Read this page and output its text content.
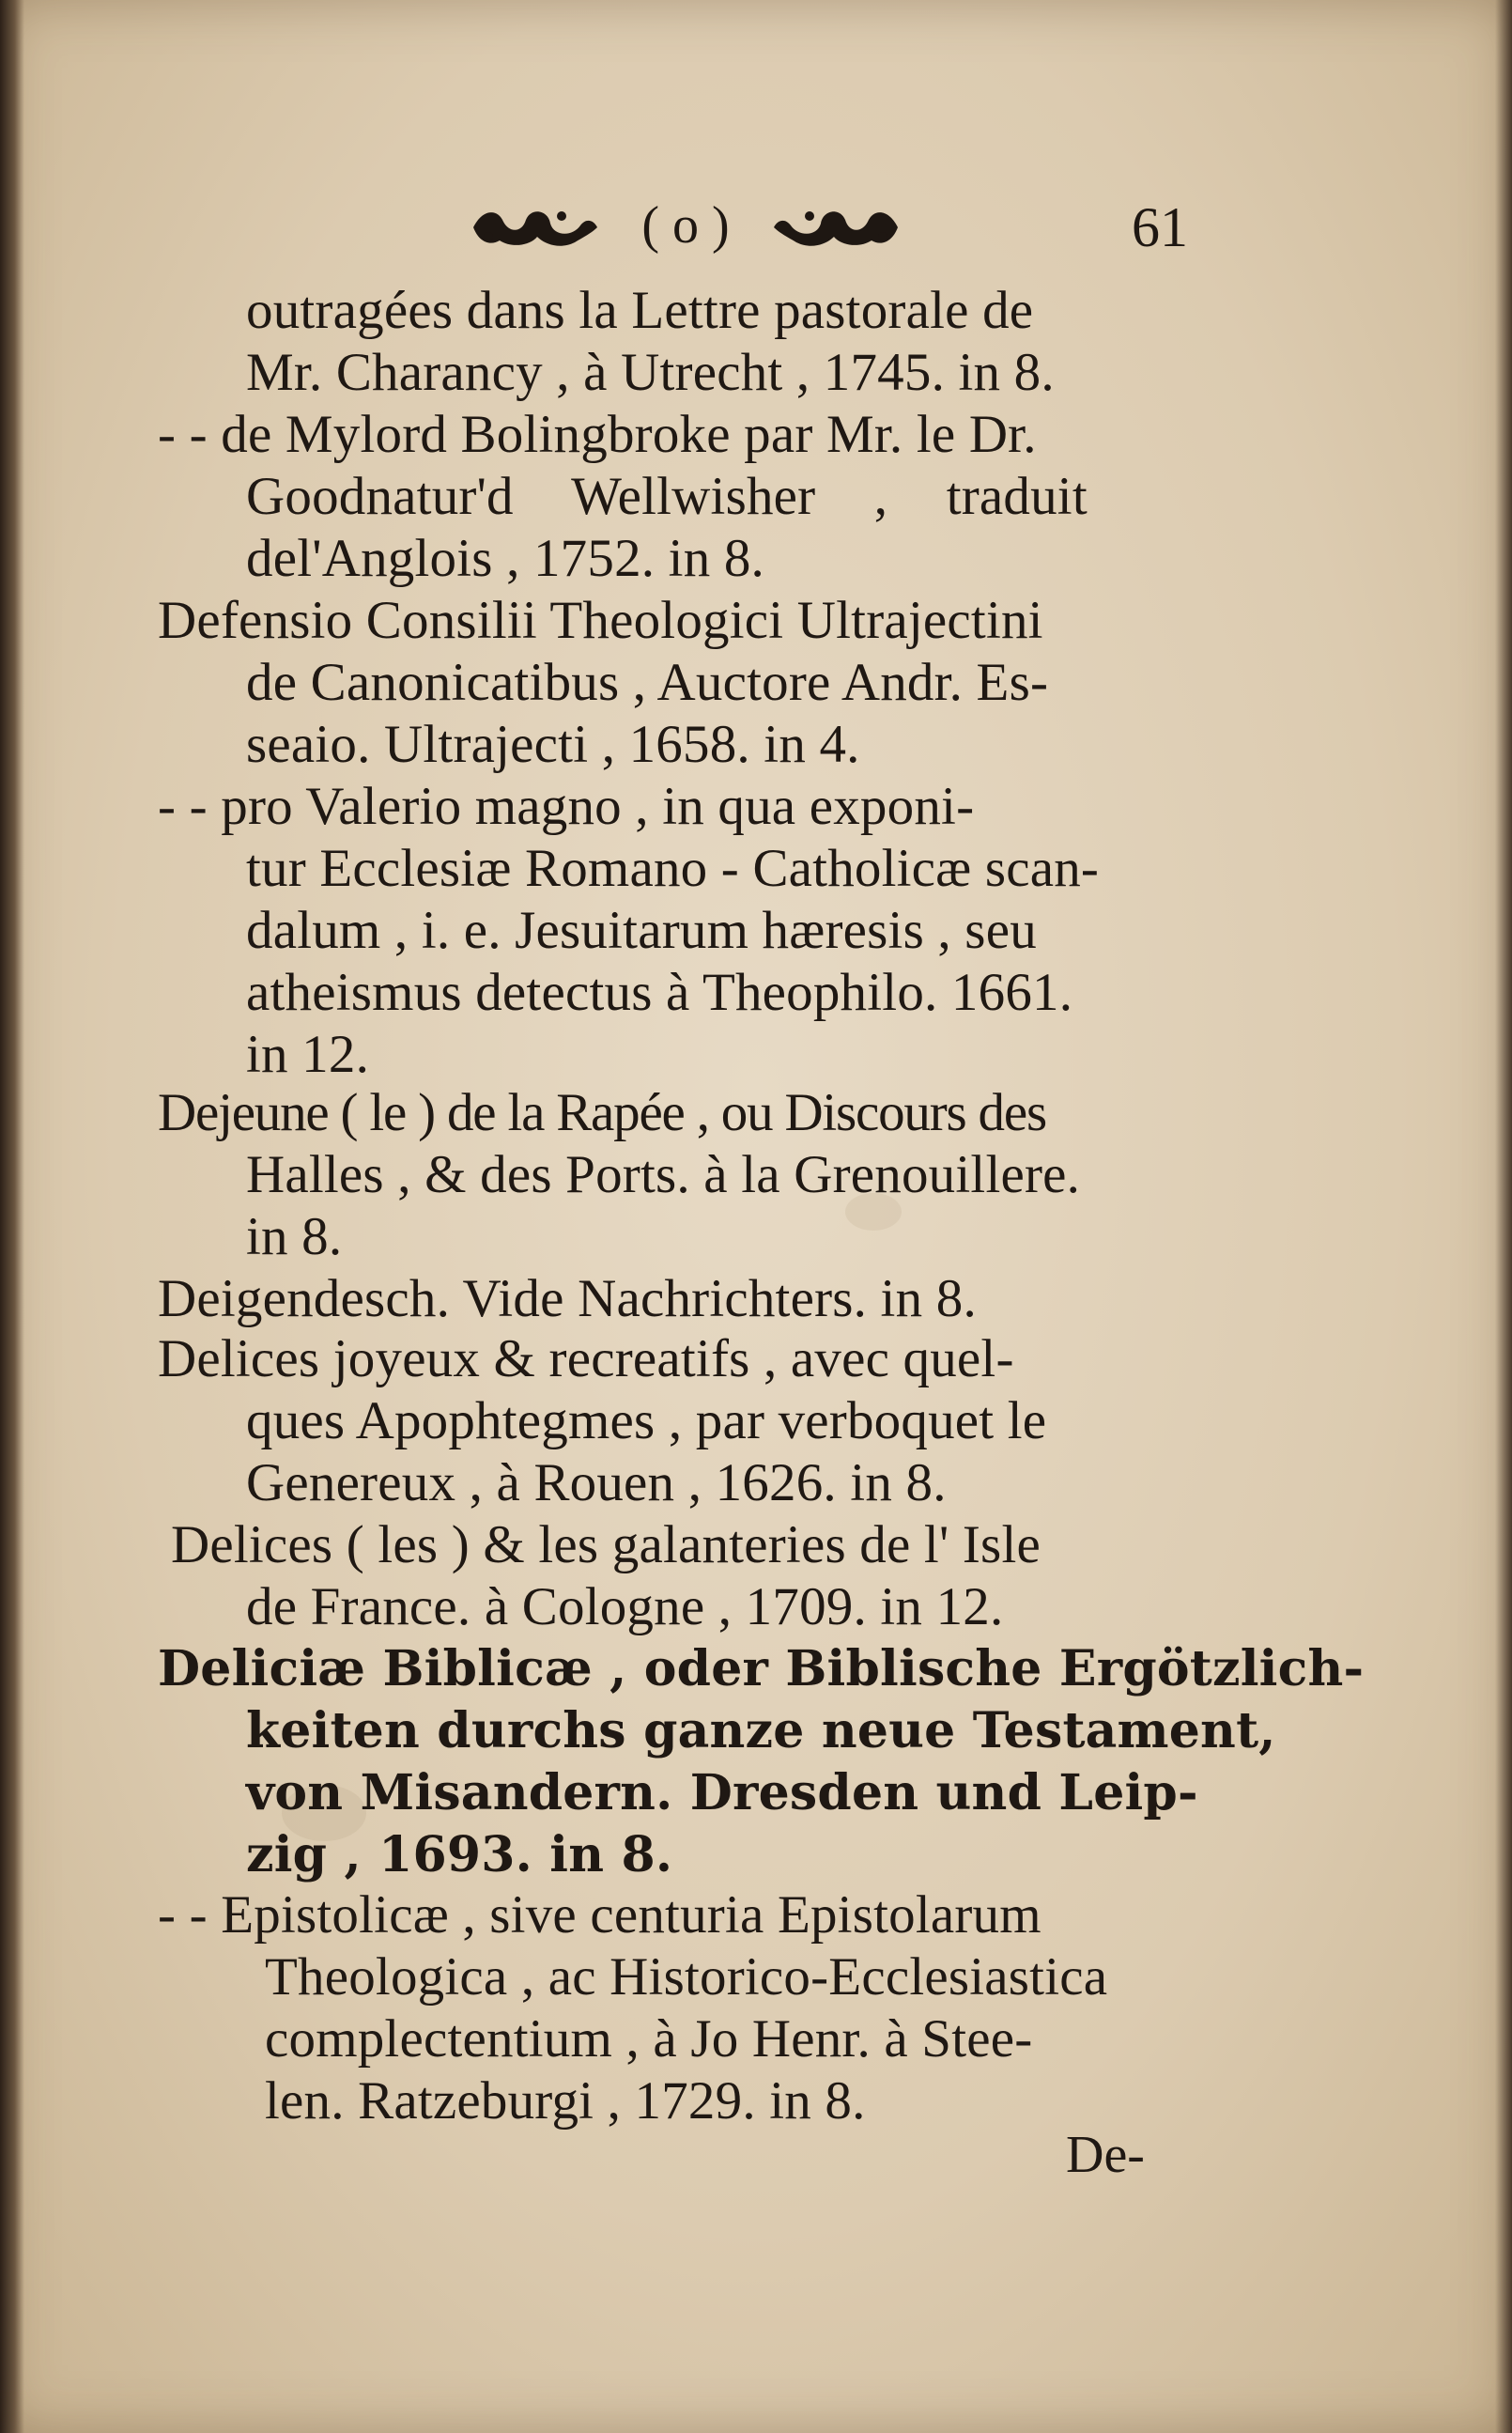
( o )	61
outragées dans la Lettre pastorale de
Mr. Charancy , à Utrecht , 1745. in 8.
- - de Mylord Bolingbroke par Mr. le Dr.
Goodnatur'd Wellwisher , traduit
del'Anglois , 1752. in 8.
Defensio Consilii Theologici Ultrajectini
de Canonicatibus , Auctore Andr. Es-
seaio. Ultrajecti , 1658. in 4.
- - pro Valerio magno , in qua exponi-
tur Ecclesiæ Romano - Catholicæ scan-
dalum , i. e. Jesuitarum hæresis , seu
atheismus detectus à Theophilo. 1661.
in 12.
Dejeune ( le ) de la Rapée , ou Discours des
Halles , & des Ports. à la Grenouillere.
in 8.
Deigendesch. Vide Nachrichters. in 8.
Delices joyeux & recreatifs , avec quel-
ques Apophtegmes , par verboquet le
Genereux , à Rouen , 1626. in 8.
Delices ( les ) & les galanteries de l' Isle
de France. à Cologne , 1709. in 12.
Deliciæ Biblicæ , oder Biblische Ergötzlich-
keiten durchs ganze neue Testament,
von Misandern. Dresden und Leip-
zig , 1693. in 8.
- - Epistolicæ , sive centuria Epistolarum
Theologica , ac Historico-Ecclesiastica
complectentium , à Jo Henr. à Stee-
len. Ratzeburgi , 1729. in 8.
De-
